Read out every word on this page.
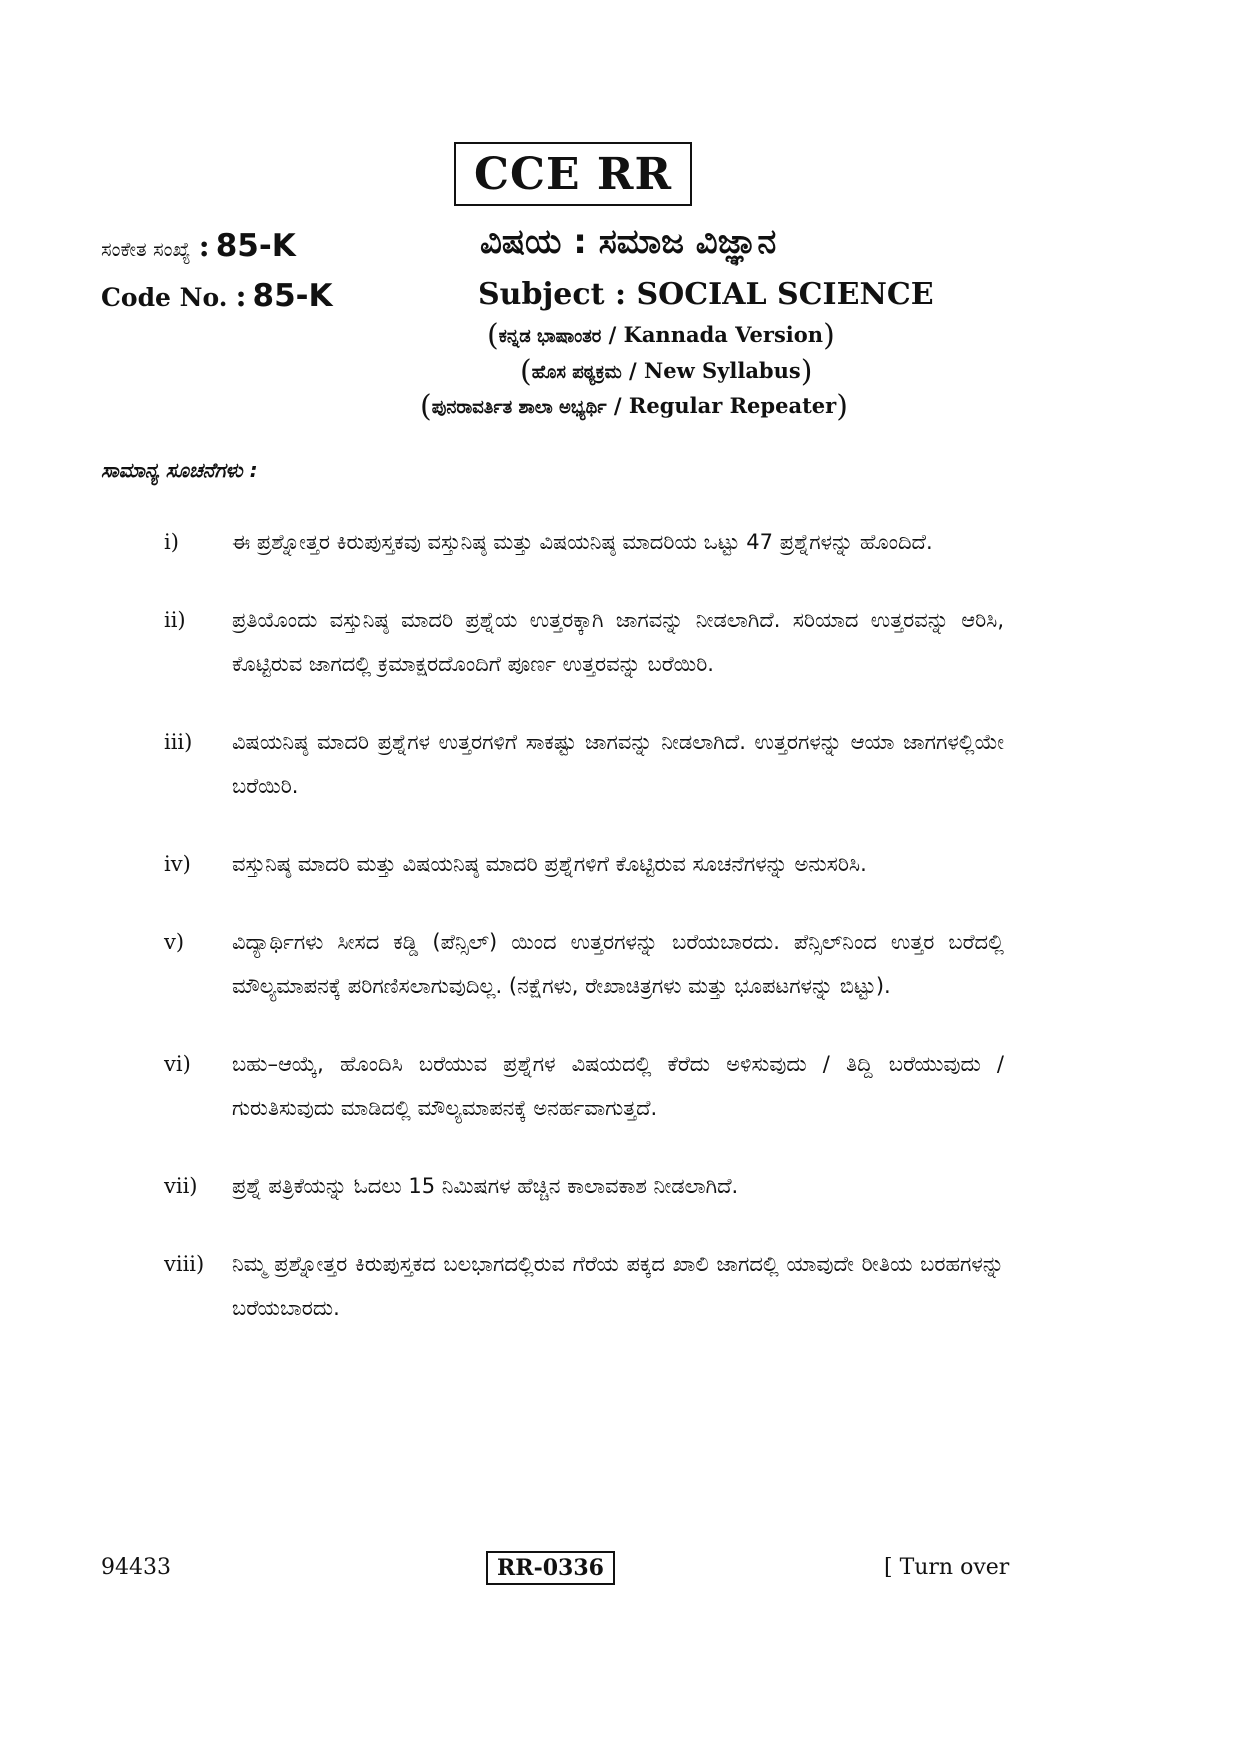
CCE RR
ಸಂಕೇತ ಸಂಖ್ಯೆ : 85-K
Code No. : 85-K
ವಿಷಯ : ಸಮಾಜ ವಿಜ್ಞಾನ
Subject : SOCIAL SCIENCE
(ಕನ್ನಡ ಭಾಷಾಂತರ / Kannada Version)
(ಹೊಸ ಪಠ್ಯಕ್ರಮ / New Syllabus)
(ಪುನರಾವರ್ತಿತ ಶಾಲಾ ಅಭ್ಯರ್ಥಿ / Regular Repeater)
ಸಾಮಾನ್ಯ ಸೂಚನೆಗಳು :
i)	ಈ ಪ್ರಶ್ನೋತ್ತರ ಕಿರುಪುಸ್ತಕವು ವಸ್ತುನಿಷ್ಠ ಮತ್ತು ವಿಷಯನಿಷ್ಠ ಮಾದರಿಯ ಒಟ್ಟು 47 ಪ್ರಶ್ನೆಗಳನ್ನು ಹೊಂದಿದೆ.
ii)	ಪ್ರತಿಯೊಂದು ವಸ್ತುನಿಷ್ಠ ಮಾದರಿ ಪ್ರಶ್ನೆಯ ಉತ್ತರಕ್ಕಾಗಿ ಜಾಗವನ್ನು ನೀಡಲಾಗಿದೆ. ಸರಿಯಾದ ಉತ್ತರವನ್ನು ಆರಿಸಿ, ಕೊಟ್ಟಿರುವ ಜಾಗದಲ್ಲಿ ಕ್ರಮಾಕ್ಷರದೊಂದಿಗೆ ಪೂರ್ಣ ಉತ್ತರವನ್ನು ಬರೆಯಿರಿ.
iii)	ವಿಷಯನಿಷ್ಠ ಮಾದರಿ ಪ್ರಶ್ನೆಗಳ ಉತ್ತರಗಳಿಗೆ ಸಾಕಷ್ಟು ಜಾಗವನ್ನು ನೀಡಲಾಗಿದೆ. ಉತ್ತರಗಳನ್ನು ಆಯಾ ಜಾಗಗಳಲ್ಲಿಯೇ ಬರೆಯಿರಿ.
iv)	ವಸ್ತುನಿಷ್ಠ ಮಾದರಿ ಮತ್ತು ವಿಷಯನಿಷ್ಠ ಮಾದರಿ ಪ್ರಶ್ನೆಗಳಿಗೆ ಕೊಟ್ಟಿರುವ ಸೂಚನೆಗಳನ್ನು ಅನುಸರಿಸಿ.
v)	ವಿದ್ಯಾರ್ಥಿಗಳು ಸೀಸದ ಕಡ್ಡಿ (ಪೆನ್ಸಿಲ್) ಯಿಂದ ಉತ್ತರಗಳನ್ನು ಬರೆಯಬಾರದು. ಪೆನ್ಸಿಲ್‌ನಿಂದ ಉತ್ತರ ಬರೆದಲ್ಲಿ ಮೌಲ್ಯಮಾಪನಕ್ಕೆ ಪರಿಗಣಿಸಲಾಗುವುದಿಲ್ಲ. (ನಕ್ಷೆಗಳು, ರೇಖಾಚಿತ್ರಗಳು ಮತ್ತು ಭೂಪಟಗಳನ್ನು ಬಿಟ್ಟು).
vi)	ಬಹು–ಆಯ್ಕೆ, ಹೊಂದಿಸಿ ಬರೆಯುವ ಪ್ರಶ್ನೆಗಳ ವಿಷಯದಲ್ಲಿ ಕೆರೆದು ಅಳಿಸುವುದು / ತಿದ್ದಿ ಬರೆಯುವುದು / ಗುರುತಿಸುವುದು ಮಾಡಿದಲ್ಲಿ ಮೌಲ್ಯಮಾಪನಕ್ಕೆ ಅನರ್ಹವಾಗುತ್ತದೆ.
vii)	ಪ್ರಶ್ನೆ ಪತ್ರಿಕೆಯನ್ನು ಓದಲು 15 ನಿಮಿಷಗಳ ಹೆಚ್ಚಿನ ಕಾಲಾವಕಾಶ ನೀಡಲಾಗಿದೆ.
viii)	ನಿಮ್ಮ ಪ್ರಶ್ನೋತ್ತರ ಕಿರುಪುಸ್ತಕದ ಬಲಭಾಗದಲ್ಲಿರುವ ಗೆರೆಯ ಪಕ್ಕದ ಖಾಲಿ ಜಾಗದಲ್ಲಿ ಯಾವುದೇ ರೀತಿಯ ಬರಹಗಳನ್ನು ಬರೆಯಬಾರದು.
94433	RR-0336	[ Turn over
